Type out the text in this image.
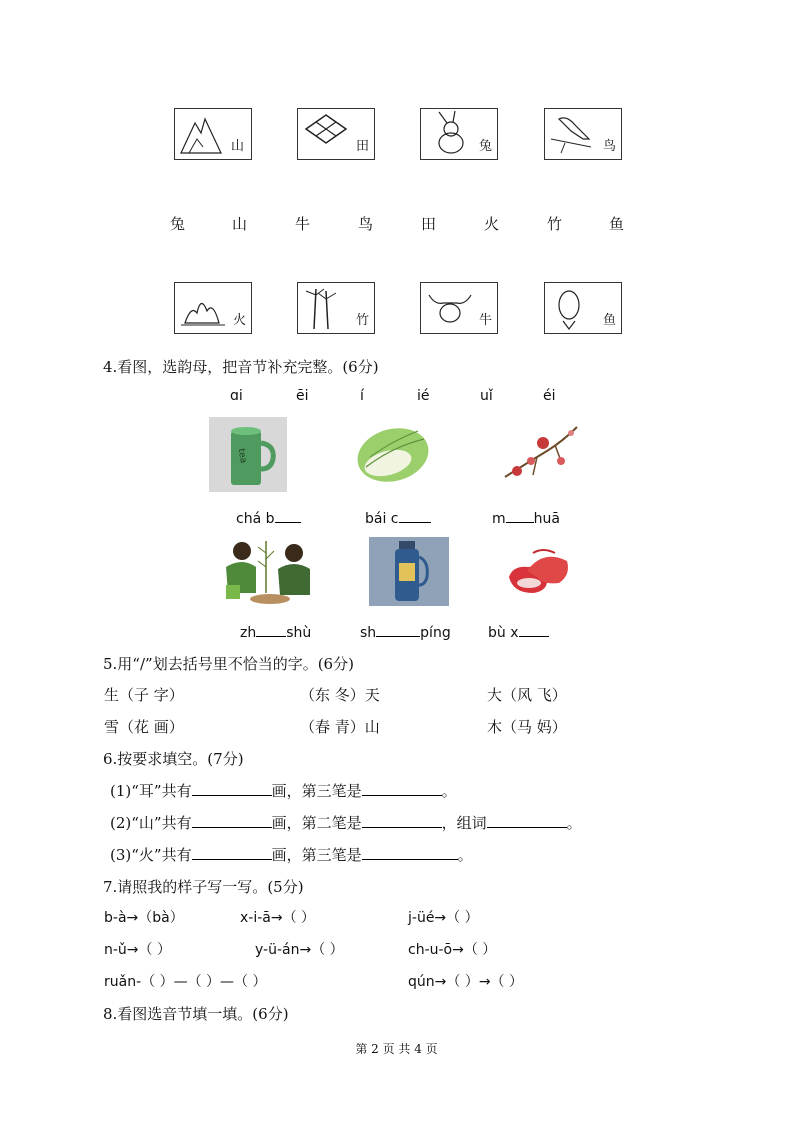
山	田	兔	鸟
兔	山	牛	鸟	田	火	竹	鱼
火	竹	牛	鱼
4.看图，选韵母，把音节补充完整。(6分)
ɑi	ēi	í	ié	uǐ	éi
tea
chá b	bái c	m huā
zh shù	sh	píng	bù x
5.用“/”划去括号里不恰当的字。(6分)
生（子 字）	（东 冬）天	大（风 飞）
雪（花 画）	（春 青）山	木（马 妈）
6.按要求填空。(7分)
(1)“耳”共有	画，第三笔是	。
(2)“山”共有	画，第二笔是	，组词	。
(3)“火”共有	画，第三笔是	。
7.请照我的样子写一写。(5分)
b-à→（bà）	x-i-ā→（ ）	j-üé→（ ）
n-ǔ→（ ）	y-ü-án→（ ）	ch-u-ō→（ ）
ruǎn-（ ）—（ ）—（ ）	qún→（ ）→（ ）
8.看图选音节填一填。(6分)
第 2 页 共 4 页
